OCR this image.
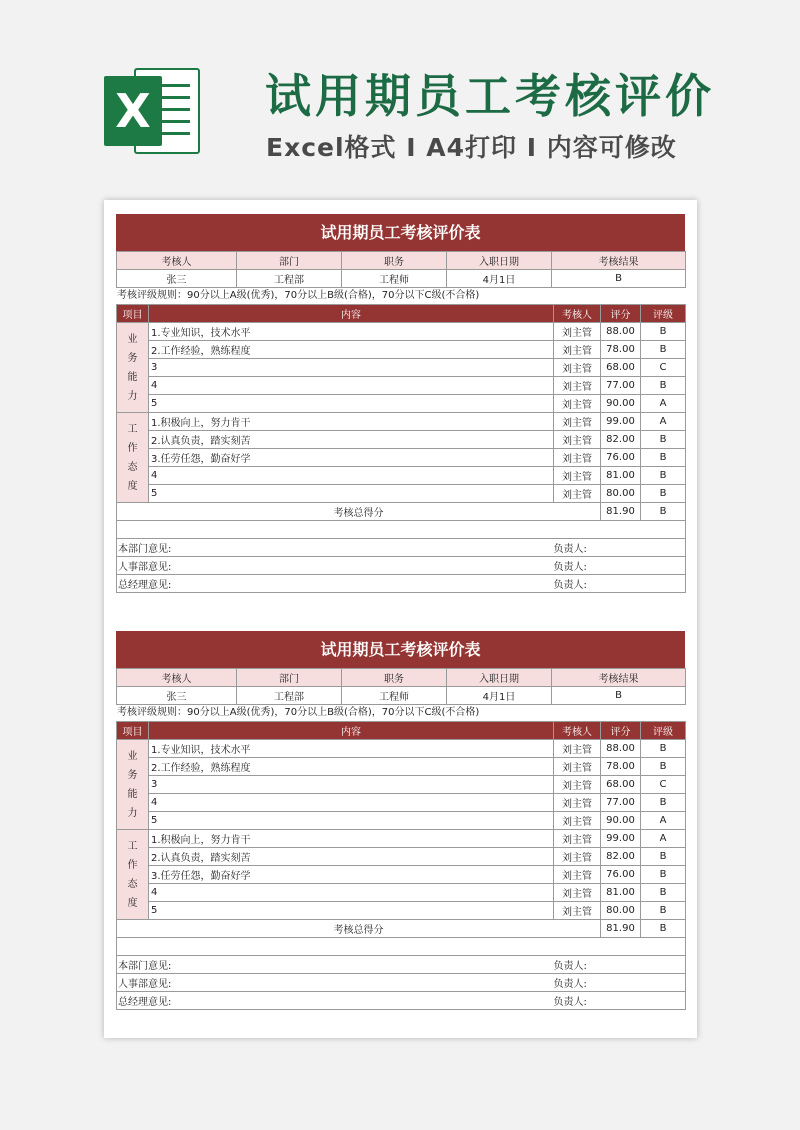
X 试用期员工考核评价
Excel格式 I A4打印 I 内容可修改
试用期员工考核评价表
考核人	部门	职务	入职日期	考核结果
张三	工程部	工程师	4月1日	B
考核评级规则：90分以上A级(优秀)，70分以上B级(合格)，70分以下C级(不合格)
项目	内容	考核人	评分	评级

业
务
能
力	1.专业知识，技术水平	刘主管	88.00	B
	2.工作经验，熟练程度	刘主管	78.00	B
	3	刘主管	68.00	C
	4	刘主管	77.00	B
	5	刘主管	90.00	A

工
作
态
度	1.积极向上，努力肯干	刘主管	99.00	A
	2.认真负责，踏实刻苦	刘主管	82.00	B
	3.任劳任怨，勤奋好学	刘主管	76.00	B
	4	刘主管	81.00	B
	5	刘主管	80.00	B
考核总得分			81.90	B

本部门意见:		负责人:		
人事部意见:		负责人:		
总经理意见:		负责人:		
试用期员工考核评价表
考核人	部门	职务	入职日期	考核结果
张三	工程部	工程师	4月1日	B
考核评级规则：90分以上A级(优秀)，70分以上B级(合格)，70分以下C级(不合格)
项目	内容	考核人	评分	评级

业
务
能
力	1.专业知识，技术水平	刘主管	88.00	B
	2.工作经验，熟练程度	刘主管	78.00	B
	3	刘主管	68.00	C
	4	刘主管	77.00	B
	5	刘主管	90.00	A

工
作
态
度	1.积极向上，努力肯干	刘主管	99.00	A
	2.认真负责，踏实刻苦	刘主管	82.00	B
	3.任劳任怨，勤奋好学	刘主管	76.00	B
	4	刘主管	81.00	B
	5	刘主管	80.00	B
考核总得分			81.90	B

本部门意见:		负责人:		
人事部意见:		负责人:		
总经理意见:		负责人:		
